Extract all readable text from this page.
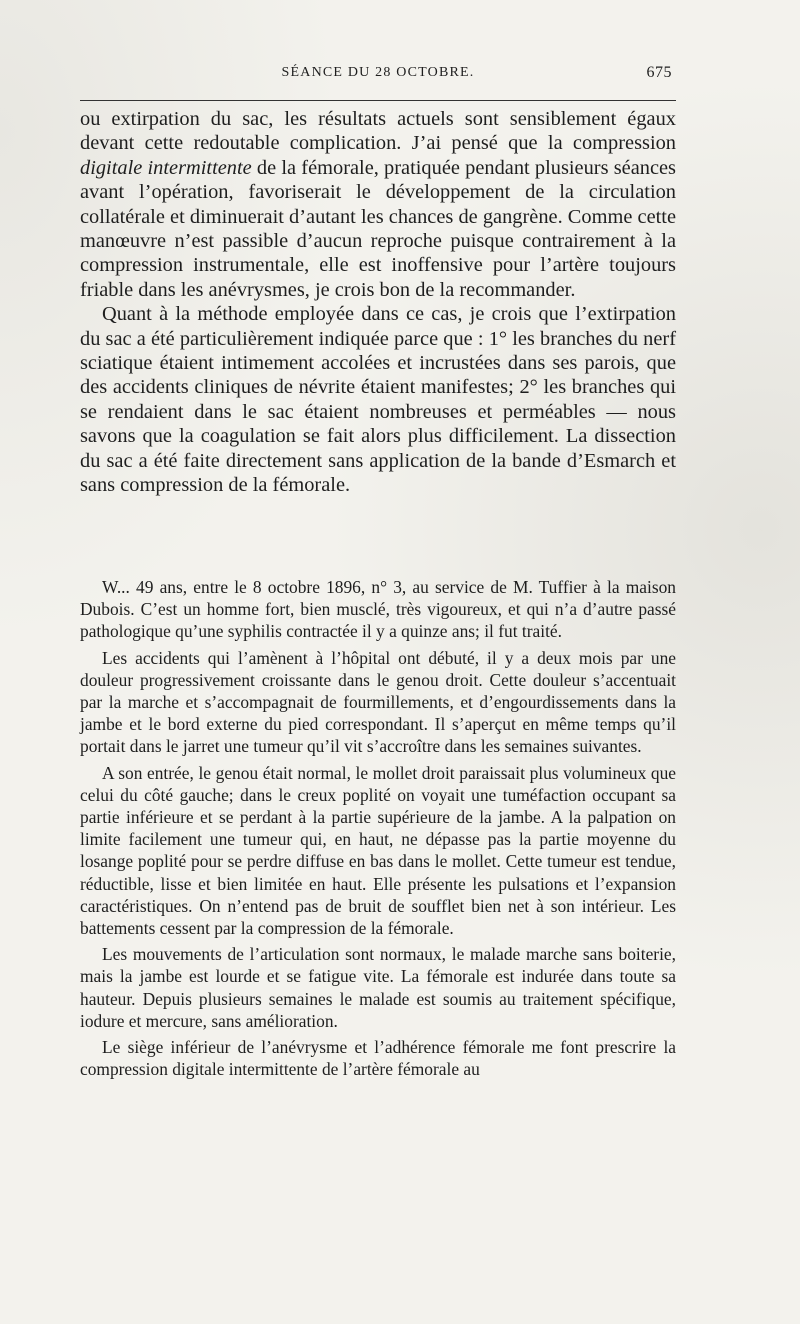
SÉANCE DU 28 OCTOBRE.	675

ou extirpation du sac, les résultats actuels sont sensiblement égaux devant cette redoutable complication. J’ai pensé que la compression digitale intermittente de la fémorale, pratiquée pendant plusieurs séances avant l’opération, favoriserait le développement de la circulation collatérale et diminuerait d’autant les chances de gangrène. Comme cette manœuvre n’est passible d’aucun reproche puisque contrairement à la compression instrumentale, elle est inoffensive pour l’artère toujours friable dans les anévrysmes, je crois bon de la recommander.

Quant à la méthode employée dans ce cas, je crois que l’extirpation du sac a été particulièrement indiquée parce que : 1° les branches du nerf sciatique étaient intimement accolées et incrustées dans ses parois, que des accidents cliniques de névrite étaient manifestes; 2° les branches qui se rendaient dans le sac étaient nombreuses et perméables — nous savons que la coagulation se fait alors plus difficilement. La dissection du sac a été faite directement sans application de la bande d’Esmarch et sans compression de la fémorale.

W... 49 ans, entre le 8 octobre 1896, n° 3, au service de M. Tuffier à la maison Dubois. C’est un homme fort, bien musclé, très vigoureux, et qui n’a d’autre passé pathologique qu’une syphilis contractée il y a quinze ans; il fut traité.

Les accidents qui l’amènent à l’hôpital ont débuté, il y a deux mois par une douleur progressivement croissante dans le genou droit. Cette douleur s’accentuait par la marche et s’accompagnait de fourmillements, et d’engourdissements dans la jambe et le bord externe du pied correspondant. Il s’aperçut en même temps qu’il portait dans le jarret une tumeur qu’il vit s’accroître dans les semaines suivantes.

A son entrée, le genou était normal, le mollet droit paraissait plus volumineux que celui du côté gauche; dans le creux poplité on voyait une tuméfaction occupant sa partie inférieure et se perdant à la partie supérieure de la jambe. A la palpation on limite facilement une tumeur qui, en haut, ne dépasse pas la partie moyenne du losange poplité pour se perdre diffuse en bas dans le mollet. Cette tumeur est tendue, réductible, lisse et bien limitée en haut. Elle présente les pulsations et l’expansion caractéristiques. On n’entend pas de bruit de soufflet bien net à son intérieur. Les battements cessent par la compression de la fémorale.

Les mouvements de l’articulation sont normaux, le malade marche sans boiterie, mais la jambe est lourde et se fatigue vite. La fémorale est indurée dans toute sa hauteur. Depuis plusieurs semaines le malade est soumis au traitement spécifique, iodure et mercure, sans amélioration.

Le siège inférieur de l’anévrysme et l’adhérence fémorale me font prescrire la compression digitale intermittente de l’artère fémorale au
